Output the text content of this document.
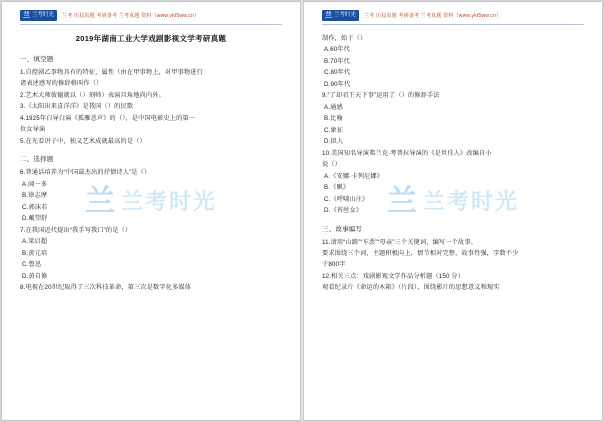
兰 兰考时光 兰考 历届真题 考研备考 兰考真题 资料（www.ykt5ww.cn）
2019年湖南工业大学戏剧影视文学考研真题
一、填空题
1.自控剧乙事物具有的特征，属性（由在甲事物上，对甲事物进行
诸表述感写的修辞格叫作（）
2.艺术大师彼德就以（）刻师）表演旦角地尚内外。
3.《太阳出来喜洋洋》是我国（）的民歌
4.1925年白导白演《孤雁悲声》的（），是中国电影史上的第一
位女导演
5.在光看讲子中，独义艺术成就最高的是（）
二、选择题
6.普通话培养为“中国最杰出的抒情诗人”是（）
A.闻一多
B.徐志摩
C.郭沫若
D.戴望舒
7.在我国近代提出“我手写我口”的是（）
A.梁启超
B.黄元培
C.鲁迅
D.黄自修
8.电视在20世纪取得了三次科技革命，第三次是数字化多媒体
兰 兰考时光
兰 兰考时光 兰考 历届真题 考研备考 兰考真题 资料（www.ykt5ww.cn）
制作，始于（）
A.60年代
B.70年代
C.80年代
D.90年代
9.“了却君王天下事”运用了（）的修辞手法
A.通感
B.比喻
C.象征
D.拟人
10.美国知名导演弗兰克·考普拉导演的《是世佳人》改编自小
说（）
A.《安娜·卡列尼娜》
B.《飘》
C.《呼啸山庄》
D.《苔丝女》
三、故事编写
11.请用“山路”“车票”“母亲”三个关键词，编写一个故事。
要求围绕三个词，主题积极向上，情节相对完整，故事性强，字数不少
于800字
12.相关三点：戏剧影视文学作品分析题（150 分）
观看纪录片《命运的木箱》（片段），围绕影片的思想意义和现实
兰 兰考时光
